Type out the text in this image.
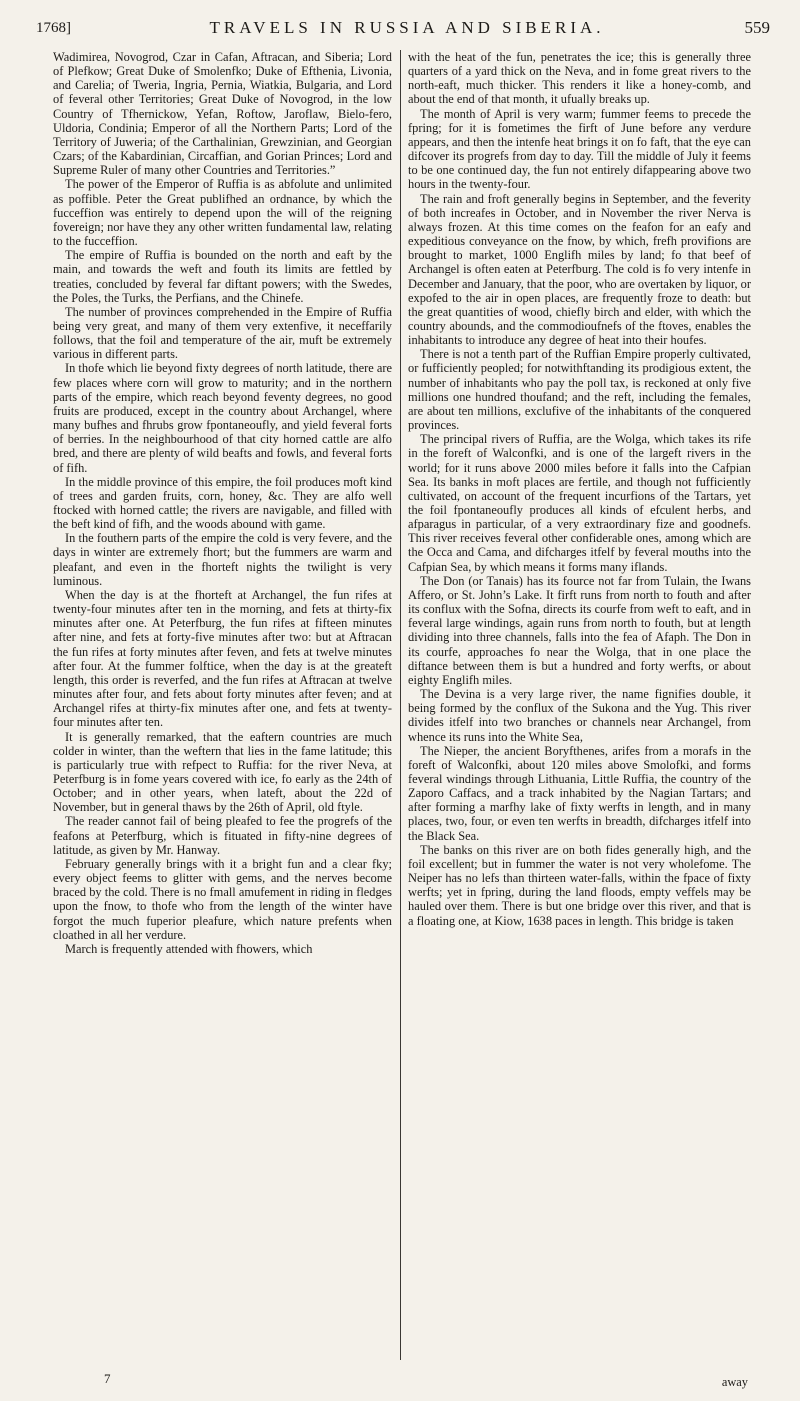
1768]	TRAVELS IN RUSSIA AND SIBERIA.	559

Wadimirea, Novogrod, Czar in Cafan, Aftracan, and Siberia; Lord of Plefkow; Great Duke of Smolenfko; Duke of Efthenia, Livonia, and Carelia; of Tweria, Ingria, Pernia, Wiatkia, Bulgaria, and Lord of feveral other Territories; Great Duke of Novogrod, in the low Country of Tfhernickow, Yefan, Roftow, Jaroflaw, Bielo-fero, Uldoria, Condinia; Emperor of all the Northern Parts; Lord of the Territory of Juweria; of the Carthalinian, Grewzinian, and Georgian Czars; of the Kabardinian, Circaffian, and Gorian Princes; Lord and Supreme Ruler of many other Countries and Territories.”

The power of the Emperor of Ruffia is as abfolute and unlimited as poffible. Peter the Great publifhed an ordnance, by which the fucceffion was entirely to depend upon the will of the reigning fovereign; nor have they any other written fundamental law, relating to the fucceffion.

The empire of Ruffia is bounded on the north and eaft by the main, and towards the weft and fouth its limits are fettled by treaties, concluded by feveral far diftant powers; with the Swedes, the Poles, the Turks, the Perfians, and the Chinefe.

The number of provinces comprehended in the Empire of Ruffia being very great, and many of them very extenfive, it neceffarily follows, that the foil and temperature of the air, muft be extremely various in different parts.

In thofe which lie beyond fixty degrees of north latitude, there are few places where corn will grow to maturity; and in the northern parts of the empire, which reach beyond feventy degrees, no good fruits are produced, except in the country about Archangel, where many bufhes and fhrubs grow fpontaneoufly, and yield feveral forts of berries. In the neighbourhood of that city horned cattle are alfo bred, and there are plenty of wild beafts and fowls, and feveral forts of fifh.

In the middle province of this empire, the foil produces moft kind of trees and garden fruits, corn, honey, &c. They are alfo well ftocked with horned cattle; the rivers are navigable, and filled with the beft kind of fifh, and the woods abound with game.

In the fouthern parts of the empire the cold is very fevere, and the days in winter are extremely fhort; but the fummers are warm and pleafant, and even in the fhorteft nights the twilight is very luminous.

When the day is at the fhorteft at Archangel, the fun rifes at twenty-four minutes after ten in the morning, and fets at thirty-fix minutes after one. At Peterfburg, the fun rifes at fifteen minutes after nine, and fets at forty-five minutes after two: but at Aftracan the fun rifes at forty minutes after feven, and fets at twelve minutes after four. At the fummer folftice, when the day is at the greateft length, this order is reverfed, and the fun rifes at Aftracan at twelve minutes after four, and fets about forty minutes after feven; and at Archangel rifes at thirty-fix minutes after one, and fets at twenty-four minutes after ten.

It is generally remarked, that the eaftern countries are much colder in winter, than the weftern that lies in the fame latitude; this is particularly true with refpect to Ruffia: for the river Neva, at Peterfburg is in fome years covered with ice, fo early as the 24th of October; and in other years, when lateft, about the 22d of November, but in general thaws by the 26th of April, old ftyle.

The reader cannot fail of being pleafed to fee the progrefs of the feafons at Peterfburg, which is fituated in fifty-nine degrees of latitude, as given by Mr. Hanway.

February generally brings with it a bright fun and a clear fky; every object feems to glitter with gems, and the nerves become braced by the cold. There is no fmall amufement in riding in fledges upon the fnow, to thofe who from the length of the winter have forgot the much fuperior pleafure, which nature prefents when cloathed in all her verdure.

March is frequently attended with fhowers, which

with the heat of the fun, penetrates the ice; this is generally three quarters of a yard thick on the Neva, and in fome great rivers to the north-eaft, much thicker. This renders it like a honey-comb, and about the end of that month, it ufually breaks up.

The month of April is very warm; fummer feems to precede the fpring; for it is fometimes the firft of June before any verdure appears, and then the intenfe heat brings it on fo faft, that the eye can difcover its progrefs from day to day. Till the middle of July it feems to be one continued day, the fun not entirely difappearing above two hours in the twenty-four.

The rain and froft generally begins in September, and the feverity of both increafes in October, and in November the river Nerva is always frozen. At this time comes on the feafon for an eafy and expeditious conveyance on the fnow, by which, frefh provifions are brought to market, 1000 Englifh miles by land; fo that beef of Archangel is often eaten at Peterfburg. The cold is fo very intenfe in December and January, that the poor, who are overtaken by liquor, or expofed to the air in open places, are frequently froze to death: but the great quantities of wood, chiefly birch and elder, with which the country abounds, and the commodioufnefs of the ftoves, enables the inhabitants to introduce any degree of heat into their houfes.

There is not a tenth part of the Ruffian Empire properly cultivated, or fufficiently peopled; for notwithftanding its prodigious extent, the number of inhabitants who pay the poll tax, is reckoned at only five millions one hundred thoufand; and the reft, including the females, are about ten millions, exclufive of the inhabitants of the conquered provinces.

The principal rivers of Ruffia, are the Wolga, which takes its rife in the foreft of Walconfki, and is one of the largeft rivers in the world; for it runs above 2000 miles before it falls into the Cafpian Sea. Its banks in moft places are fertile, and though not fufficiently cultivated, on account of the frequent incurfions of the Tartars, yet the foil fpontaneoufly produces all kinds of efculent herbs, and afparagus in particular, of a very extraordinary fize and goodnefs. This river receives feveral other confiderable ones, among which are the Occa and Cama, and difcharges itfelf by feveral mouths into the Cafpian Sea, by which means it forms many iflands.

The Don (or Tanais) has its fource not far from Tulain, the Iwans Affero, or St. John’s Lake. It firft runs from north to fouth and after its conflux with the Sofna, directs its courfe from weft to eaft, and in feveral large windings, again runs from north to fouth, but at length dividing into three channels, falls into the fea of Afaph. The Don in its courfe, approaches fo near the Wolga, that in one place the diftance between them is but a hundred and forty werfts, or about eighty Englifh miles.

The Devina is a very large river, the name fignifies double, it being formed by the conflux of the Sukona and the Yug. This river divides itfelf into two branches or channels near Archangel, from whence its runs into the White Sea,

The Nieper, the ancient Boryfthenes, arifes from a morafs in the foreft of Walconfki, about 120 miles above Smolofki, and forms feveral windings through Lithuania, Little Ruffia, the country of the Zaporo Caffacs, and a track inhabited by the Nagian Tartars; and after forming a marfhy lake of fixty werfts in length, and in many places, two, four, or even ten werfts in breadth, difcharges itfelf into the Black Sea.

The banks on this river are on both fides generally high, and the foil excellent; but in fummer the water is not very wholefome. The Neiper has no lefs than thirteen water-falls, within the fpace of fixty werfts; yet in fpring, during the land floods, empty veffels may be hauled over them. There is but one bridge over this river, and that is a floating one, at Kiow, 1638 paces in length. This bridge is taken

7	away
